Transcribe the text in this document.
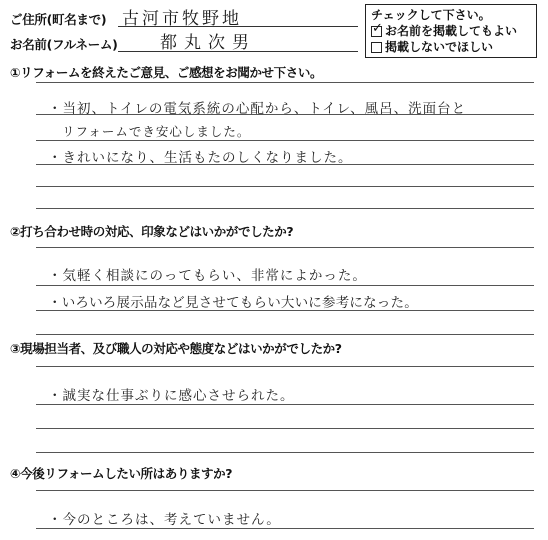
ご住所(町名まで) 古河市牧野地
お名前(フルネーム) 都丸次男
チェックして下さい。
✓ お名前を掲載してもよい
掲載しないでほしい
①リフォームを終えたご意見、ご感想をお聞かせ下さい。
・当初、トイレの電気系統の心配から、トイレ、風呂、洗面台と
リフォームでき安心しました。
・きれいになり、生活もたのしくなりました。
②打ち合わせ時の対応、印象などはいかがでしたか?
・気軽く相談にのってもらい、非常によかった。
・いろいろ展示品など見させてもらい大いに参考になった。
③現場担当者、及び職人の対応や態度などはいかがでしたか?
・誠実な仕事ぶりに感心させられた。
④今後リフォームしたい所はありますか?
・今のところは、考えていません。
